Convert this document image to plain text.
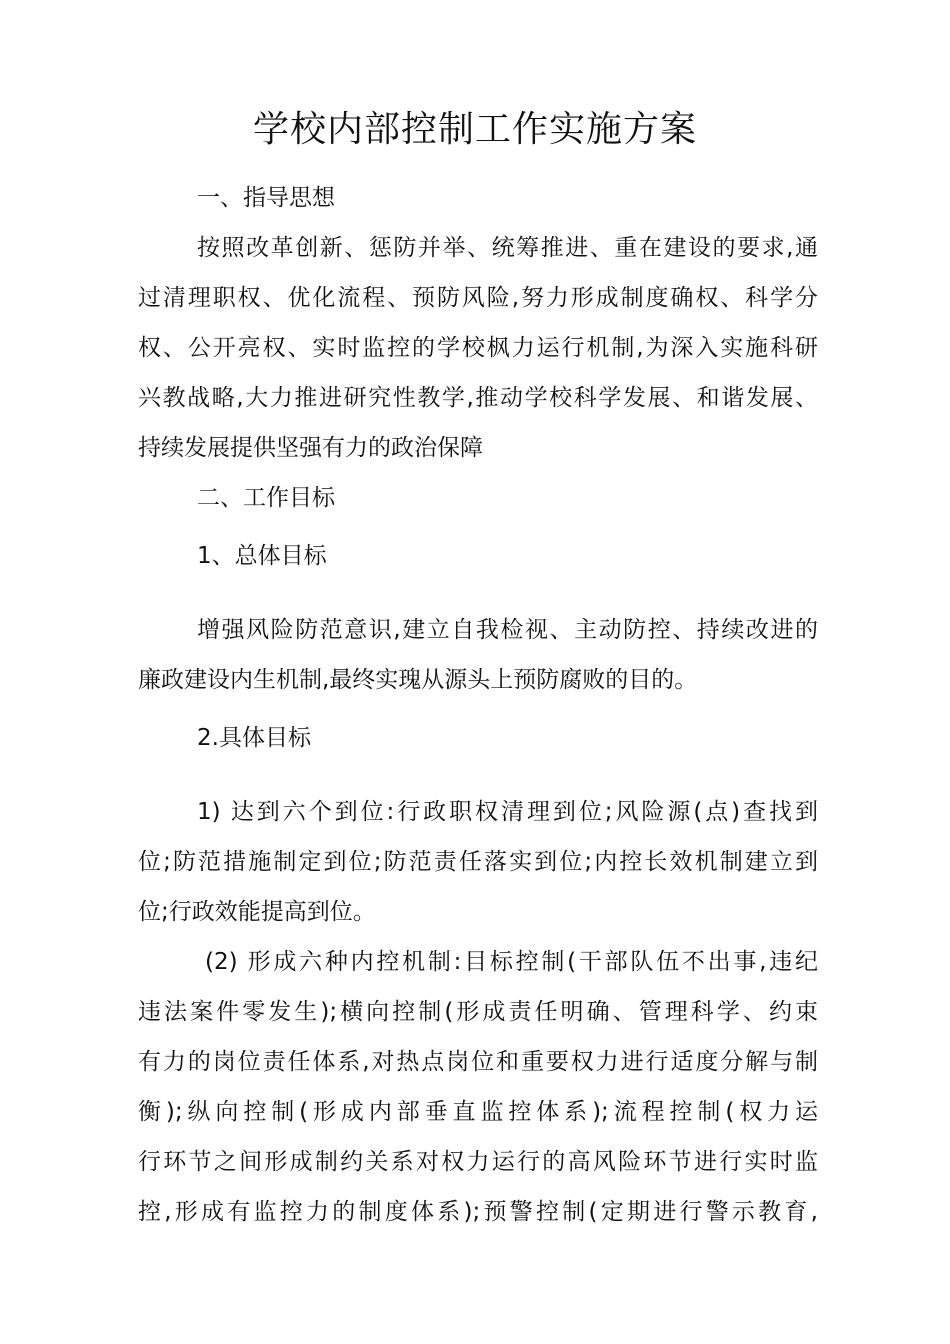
学校内部控制工作实施方案

一、指导思想

按照改革创新、惩防并举、统筹推进、重在建设的要求,通

过清理职权、优化流程、预防风险,努力形成制度确权、科学分

权、公开亮权、实时监控的学校枫力运行机制,为深入实施科研

兴教战略,大力推进研究性教学,推动学校科学发展、和谐发展、

持续发展提供坚强有力的政治保障

二、工作目标

1、总体目标

增强风险防范意识,建立自我检视、主动防控、持续改进的

廉政建设内生机制,最终实瑰从源头上预防腐败的目的。

2.具体目标

1) 达到六个到位:行政职权清理到位;风险源(点)查找到

位;防范措施制定到位;防范责任落实到位;内控长效机制建立到

位;行政效能提高到位。

(2) 形成六种内控机制:目标控制(干部队伍不出事,违纪

违法案件零发生);横向控制(形成责任明确、管理科学、约束

有力的岗位责任体系,对热点岗位和重要权力进行适度分解与制

衡);纵向控制(形成内部垂直监控体系);流程控制(权力运

行环节之间形成制约关系对权力运行的高风险环节进行实时监

控,形成有监控力的制度体系);预警控制(定期进行警示教育,
